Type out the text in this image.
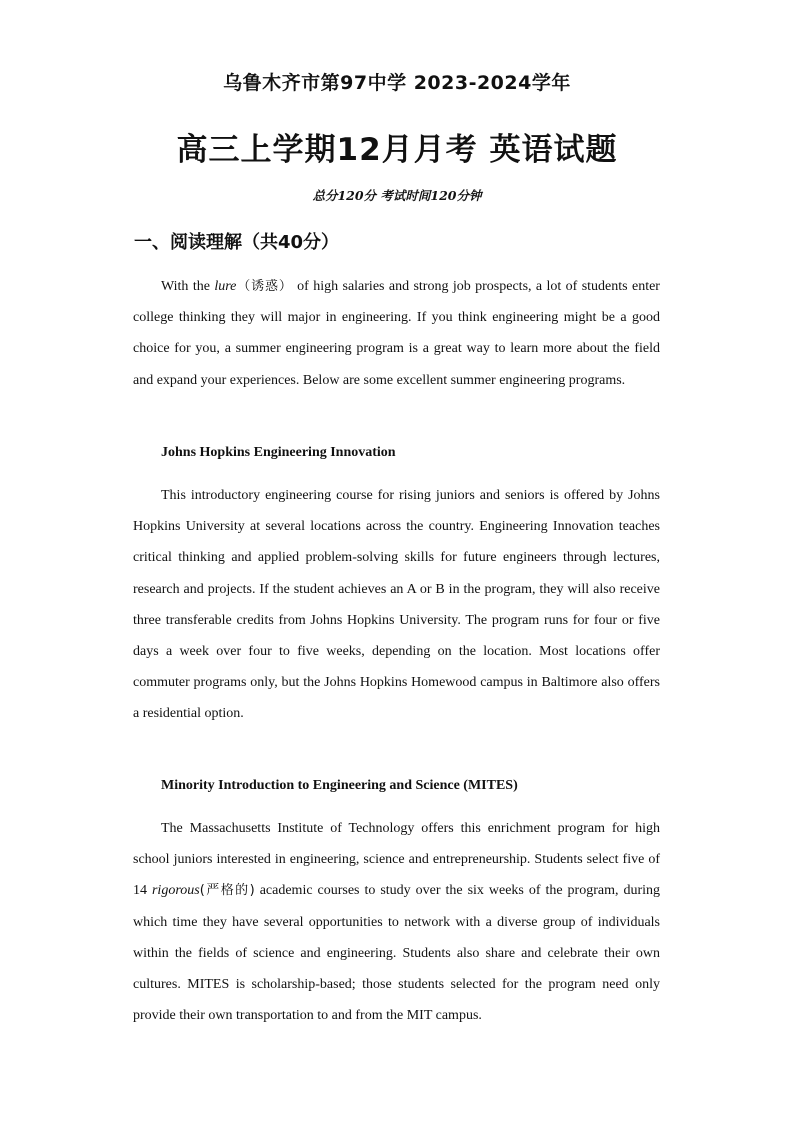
乌鲁木齐市第97中学 2023-2024学年
高三上学期12月月考 英语试题
总分120分 考试时间120分钟
一、阅读理解（共40分）

With the lure（诱惑） of high salaries and strong job prospects, a lot of students enter college thinking they will major in engineering. If you think engineering might be a good choice for you, a summer engineering program is a great way to learn more about the field and expand your experiences. Below are some excellent summer engineering programs.

Johns Hopkins Engineering Innovation

This introductory engineering course for rising juniors and seniors is offered by Johns Hopkins University at several locations across the country. Engineering Innovation teaches critical thinking and applied problem-solving skills for future engineers through lectures, research and projects. If the student achieves an A or B in the program, they will also receive three transferable credits from Johns Hopkins University. The program runs for four or five days a week over four to five weeks, depending on the location. Most locations offer commuter programs only, but the Johns Hopkins Homewood campus in Baltimore also offers a residential option.

Minority Introduction to Engineering and Science (MITES)

The Massachusetts Institute of Technology offers this enrichment program for high school juniors interested in engineering, science and entrepreneurship. Students select five of 14 rigorous(严格的) academic courses to study over the six weeks of the program, during which time they have several opportunities to network with a diverse group of individuals within the fields of science and engineering. Students also share and celebrate their own cultures. MITES is scholarship-based; those students selected for the program need only provide their own transportation to and from the MIT campus.
